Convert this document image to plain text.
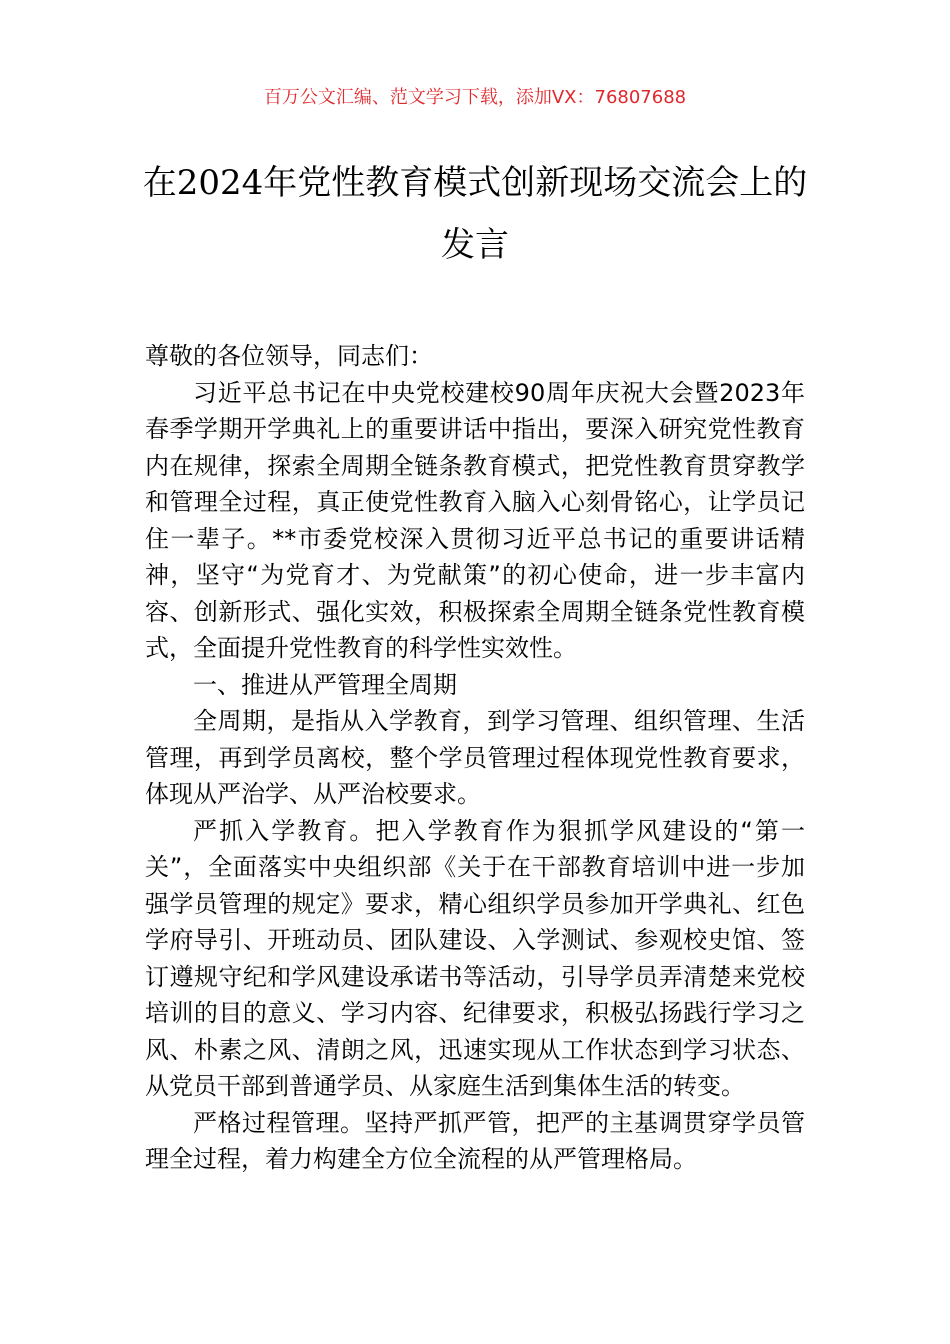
百万公文汇编、范文学习下载，添加VX：76807688
在2024年党性教育模式创新现场交流会上的发言

尊敬的各位领导，同志们：

习近平总书记在中央党校建校90周年庆祝大会暨2023年春季学期开学典礼上的重要讲话中指出，要深入研究党性教育内在规律，探索全周期全链条教育模式，把党性教育贯穿教学和管理全过程，真正使党性教育入脑入心刻骨铭心，让学员记住一辈子。**市委党校深入贯彻习近平总书记的重要讲话精神，坚守“为党育才、为党献策”的初心使命，进一步丰富内容、创新形式、强化实效，积极探索全周期全链条党性教育模式，全面提升党性教育的科学性实效性。

一、推进从严管理全周期

全周期，是指从入学教育，到学习管理、组织管理、生活管理，再到学员离校，整个学员管理过程体现党性教育要求，体现从严治学、从严治校要求。

严抓入学教育。把入学教育作为狠抓学风建设的“第一关”，全面落实中央组织部《关于在干部教育培训中进一步加强学员管理的规定》要求，精心组织学员参加开学典礼、红色学府导引、开班动员、团队建设、入学测试、参观校史馆、签订遵规守纪和学风建设承诺书等活动，引导学员弄清楚来党校培训的目的意义、学习内容、纪律要求，积极弘扬践行学习之风、朴素之风、清朗之风，迅速实现从工作状态到学习状态、从党员干部到普通学员、从家庭生活到集体生活的转变。

严格过程管理。坚持严抓严管，把严的主基调贯穿学员管理全过程，着力构建全方位全流程的从严管理格局。
